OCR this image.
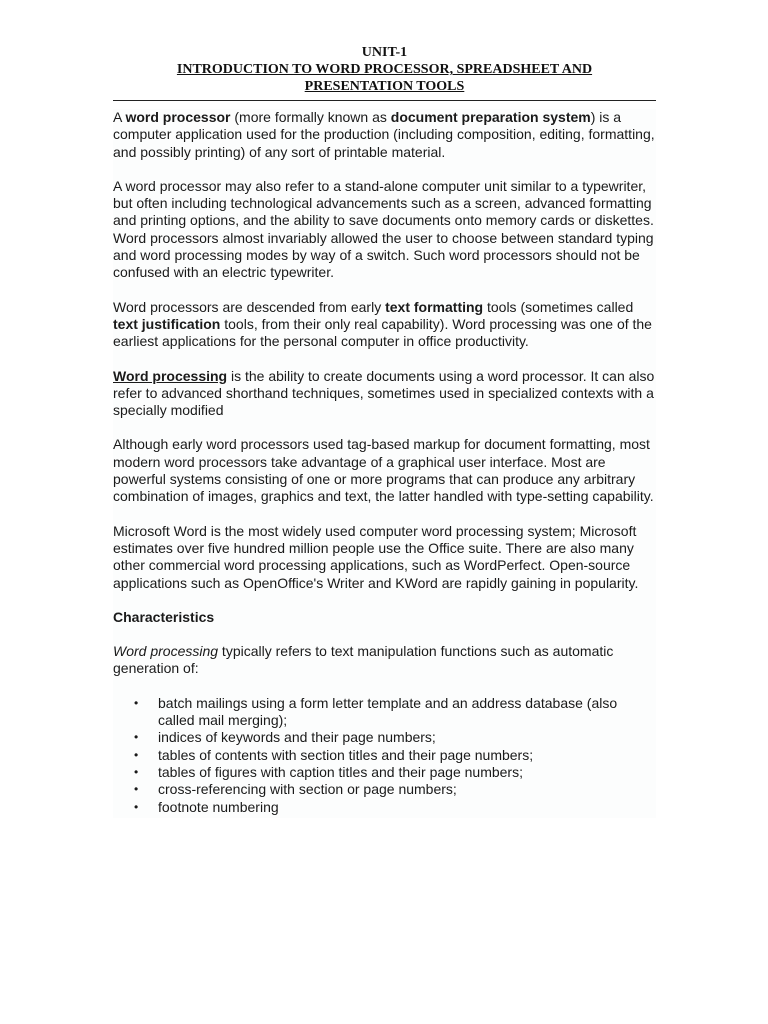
UNIT-1
INTRODUCTION TO WORD PROCESSOR, SPREADSHEET AND
PRESENTATION TOOLS

A word processor (more formally known as document preparation system) is a computer application used for the production (including composition, editing, formatting, and possibly printing) of any sort of printable material.

A word processor may also refer to a stand-alone computer unit similar to a typewriter, but often including technological advancements such as a screen, advanced formatting and printing options, and the ability to save documents onto memory cards or diskettes. Word processors almost invariably allowed the user to choose between standard typing and word processing modes by way of a switch. Such word processors should not be confused with an electric typewriter.

Word processors are descended from early text formatting tools (sometimes called text justification tools, from their only real capability). Word processing was one of the earliest applications for the personal computer in office productivity.

Word processing is the ability to create documents using a word processor. It can also refer to advanced shorthand techniques, sometimes used in specialized contexts with a specially modified

Although early word processors used tag-based markup for document formatting, most modern word processors take advantage of a graphical user interface. Most are powerful systems consisting of one or more programs that can produce any arbitrary combination of images, graphics and text, the latter handled with type-setting capability.

Microsoft Word is the most widely used computer word processing system; Microsoft estimates over five hundred million people use the Office suite. There are also many other commercial word processing applications, such as WordPerfect. Open-source applications such as OpenOffice's Writer and KWord are rapidly gaining in popularity.

Characteristics

Word processing typically refers to text manipulation functions such as automatic generation of:

• batch mailings using a form letter template and an address database (also called mail merging);
• indices of keywords and their page numbers;
• tables of contents with section titles and their page numbers;
• tables of figures with caption titles and their page numbers;
• cross-referencing with section or page numbers;
• footnote numbering
